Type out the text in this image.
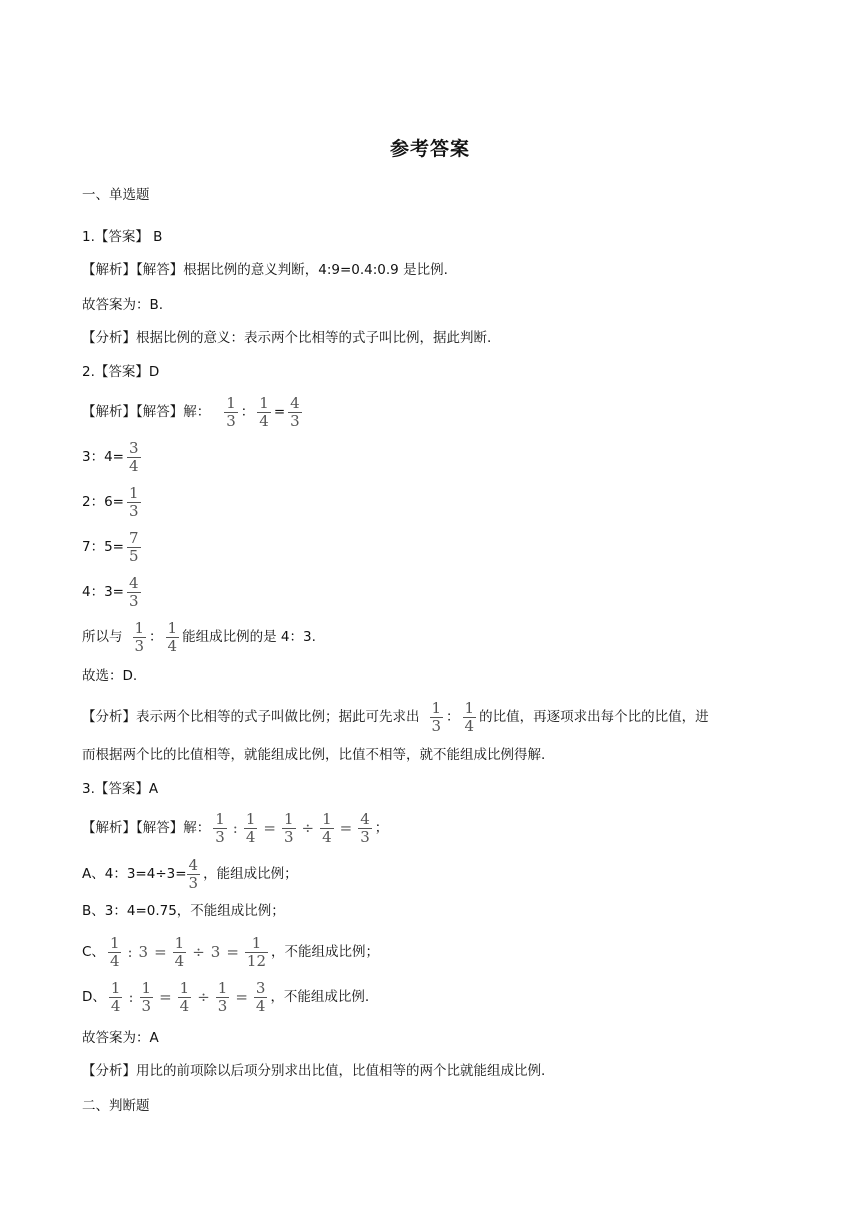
参考答案
一、单选题
1.【答案】 B
【解析】【解答】根据比例的意义判断，4:9=0.4:0.9 是比例.
故答案为：B.
【分析】根据比例的意义：表示两个比相等的式子叫比例，据此判断.
2.【答案】D
【解析】【解答】解： $\frac{1}{3}$ ： $\frac{1}{4} = \frac{4}{3}$
3：$4= \frac{3}{4}$
2：$6= \frac{1}{3}$
7：$5= \frac{7}{5}$
4：$3= \frac{4}{3}$
所以与 $\frac{1}{3}$ ： $\frac{1}{4}$ 能组成比例的是 4：3.
故选：D.
【分析】表示两个比相等的式子叫做比例；据此可先求出 $\frac{1}{3}$ ： $\frac{1}{4}$ 的比值，再逐项求出每个比的比值，进
而根据两个比的比值相等，就能组成比例，比值不相等，就不能组成比例得解.
3.【答案】A
【解析】【解答】解： $\frac{1}{3}$ : $\frac{1}{4} = \frac{1}{3} \div \frac{1}{4} = \frac{4}{3}$ ；
A、4：$3=4\div 3= \frac{4}{3}$ ，能组成比例；
B、3：4=0.75，不能组成比例；
C、 $\frac{1}{4}$ : $3 = \frac{1}{4} \div 3 = \frac{1}{12}$ ，不能组成比例；
D、 $\frac{1}{4}$ : $\frac{1}{3} = \frac{1}{4} \div \frac{1}{3} = \frac{3}{4}$ ，不能组成比例.
故答案为：A
【分析】用比的前项除以后项分别求出比值，比值相等的两个比就能组成比例.
二、判断题
